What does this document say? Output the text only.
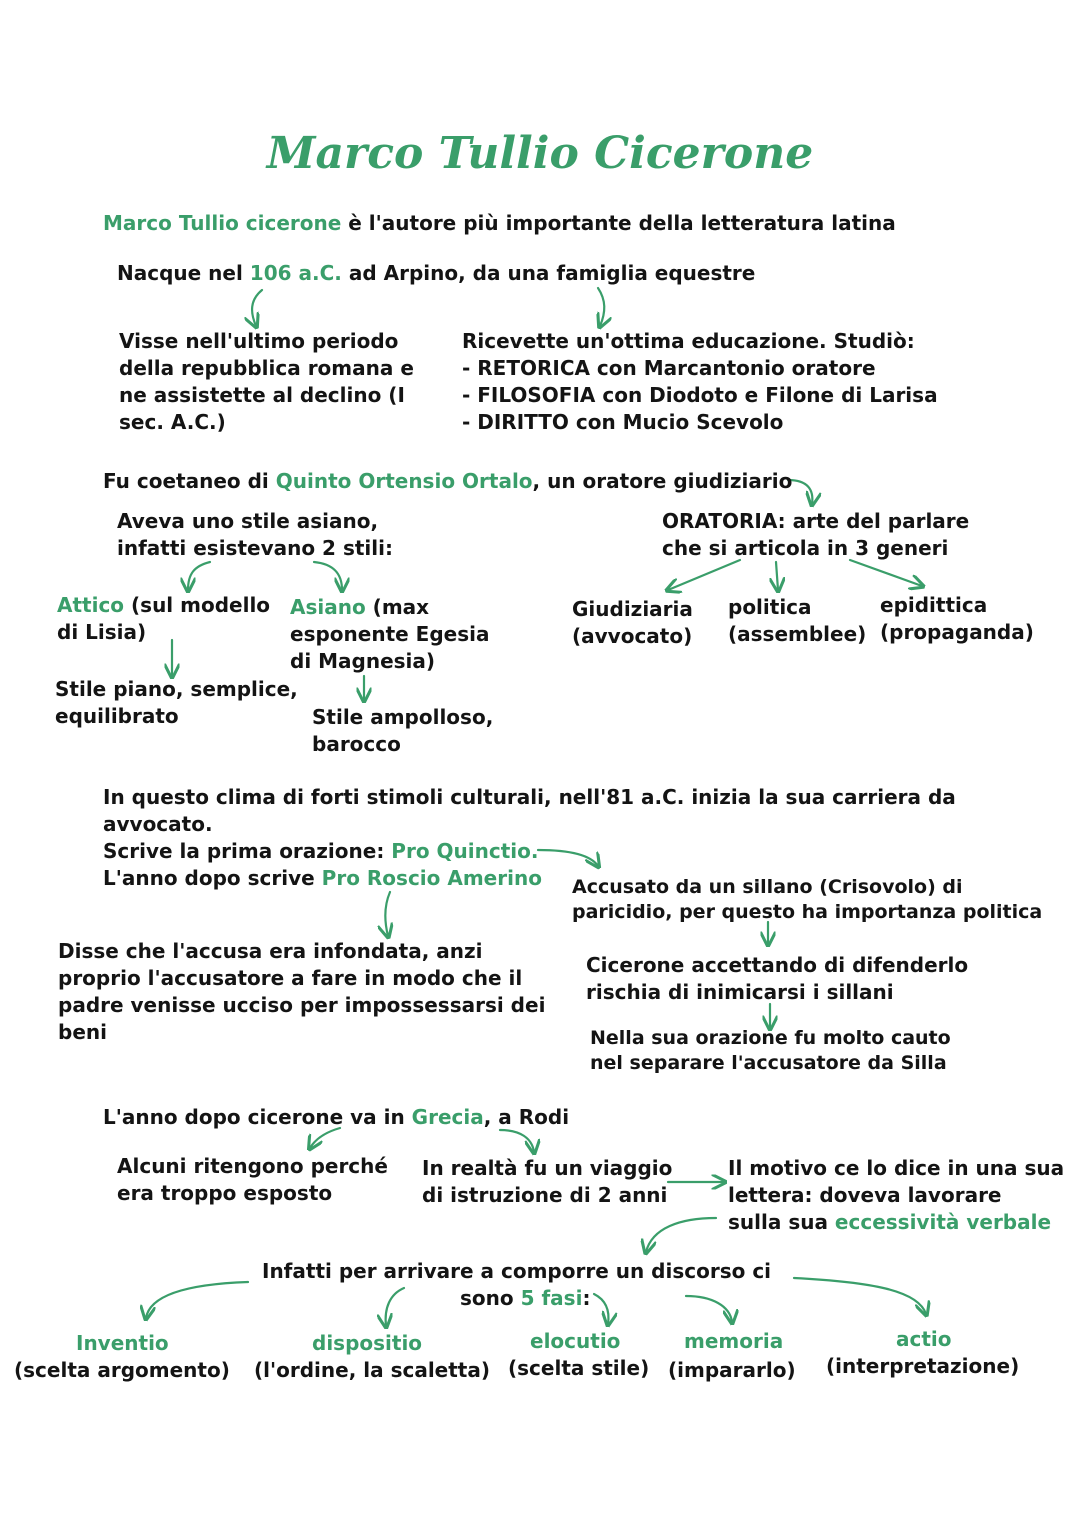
Marco Tullio Cicerone
Marco Tullio cicerone è l'autore più importante della letteratura latina
Nacque nel 106 a.C. ad Arpino, da una famiglia equestre
Visse nell'ultimo periodo
della repubblica romana e
ne assistette al declino (I
sec. A.C.)
Ricevette un'ottima educazione. Studiò:
- RETORICA con Marcantonio oratore
- FILOSOFIA con Diodoto e Filone di Larisa
- DIRITTO con Mucio Scevolo
Fu coetaneo di Quinto Ortensio Ortalo, un oratore giudiziario
Aveva uno stile asiano,
infatti esistevano 2 stili:
ORATORIA: arte del parlare
che si articola in 3 generi
Attico (sul modello
di Lisia)
Stile piano, semplice,
equilibrato
Asiano (max
esponente Egesia
di Magnesia)
Stile ampolloso,
barocco
Giudiziaria
(avvocato)
politica
(assemblee)
epidittica
(propaganda)
In questo clima di forti stimoli culturali, nell'81 a.C. inizia la sua carriera da
avvocato.
Scrive la prima orazione: Pro Quinctio.
L'anno dopo scrive Pro Roscio Amerino Accusato da un sillano (Crisovolo) di
paricidio, per questo ha importanza politica
Disse che l'accusa era infondata, anzi
proprio l'accusatore a fare in modo che il
padre venisse ucciso per impossessarsi dei
beni
Cicerone accettando di difenderlo
rischia di inimicarsi i sillani
Nella sua orazione fu molto cauto
nel separare l'accusatore da Silla
L'anno dopo cicerone va in Grecia, a Rodi
Alcuni ritengono perché
era troppo esposto
In realtà fu un viaggio
di istruzione di 2 anni
Il motivo ce lo dice in una sua
lettera: doveva lavorare
sulla sua eccessività verbale
Infatti per arrivare a comporre un discorso ci
sono 5 fasi:
Inventio
(scelta argomento)
dispositio
(l'ordine, la scaletta)
elocutio
(scelta stile)
memoria
(impararlo)
actio
(interpretazione)
